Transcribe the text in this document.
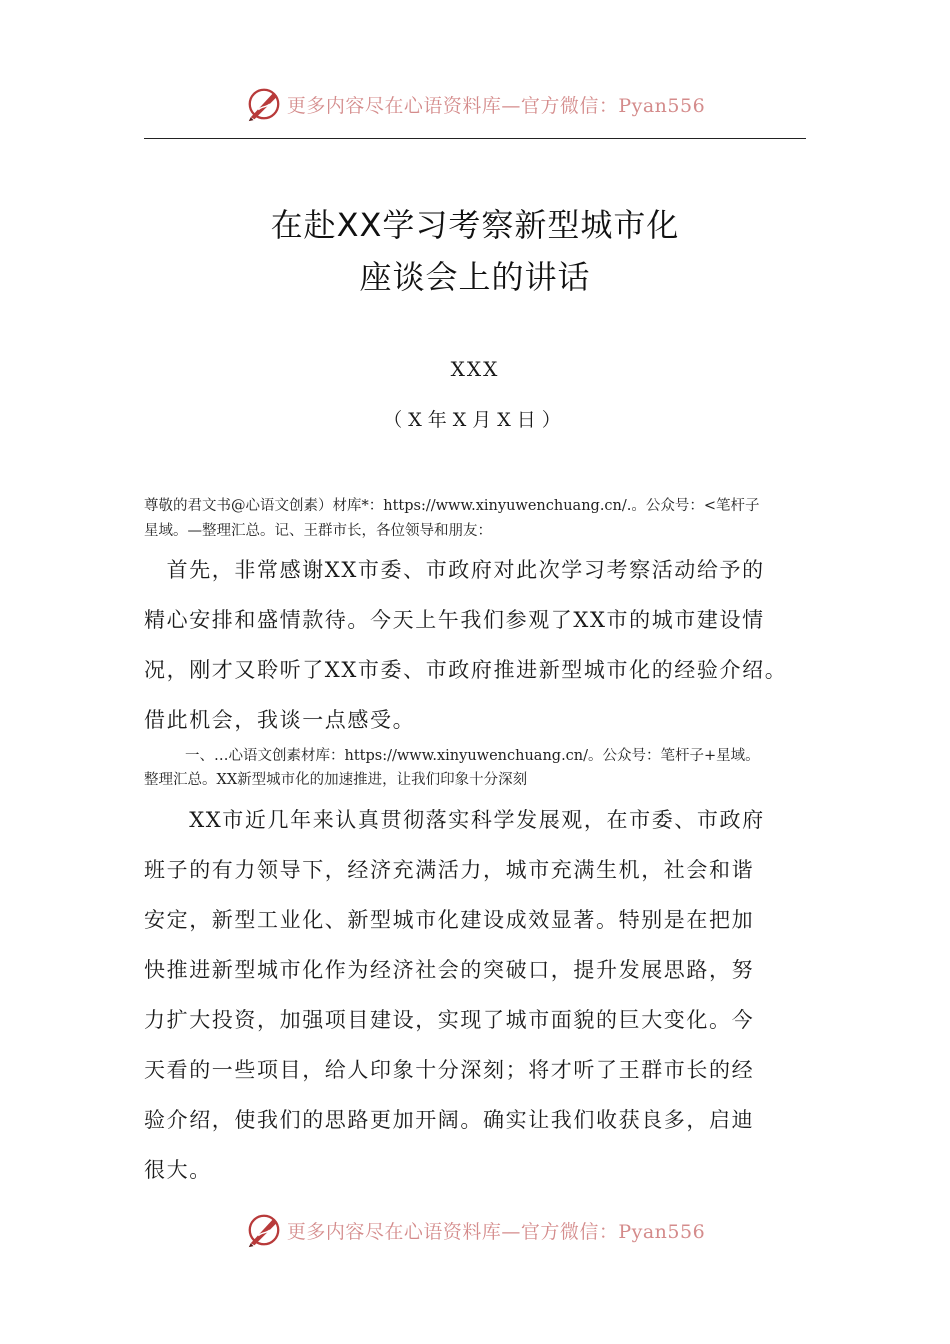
更多内容尽在心语资料库—官方微信：Pyan556
在赴XX学习考察新型城市化
座谈会上的讲话
XXX
（X年X月X日）
尊敬的君文书@心语文创素）材库*：https://www.xinyuwenchuang.cn/.。公众号：<笔杆子
星域。—整理汇总。记、王群市长，各位领导和朋友：
　首先，非常感谢XX市委、市政府对此次学习考察活动给予的
精心安排和盛情款待。今天上午我们参观了XX市的城市建设情
况，刚才又聆听了XX市委、市政府推进新型城市化的经验介绍。
借此机会，我谈一点感受。
一、…心语文创素材库：https://www.xinyuwenchuang.cn/。公众号：笔杆子+星域。
整理汇总。XX新型城市化的加速推进，让我们印象十分深刻
　　XX市近几年来认真贯彻落实科学发展观，在市委、市政府
班子的有力领导下，经济充满活力，城市充满生机，社会和谐
安定，新型工业化、新型城市化建设成效显著。特别是在把加
快推进新型城市化作为经济社会的突破口，提升发展思路，努
力扩大投资，加强项目建设，实现了城市面貌的巨大变化。今
天看的一些项目，给人印象十分深刻；将才听了王群市长的经
验介绍，使我们的思路更加开阔。确实让我们收获良多，启迪
很大。
更多内容尽在心语资料库—官方微信：Pyan556
